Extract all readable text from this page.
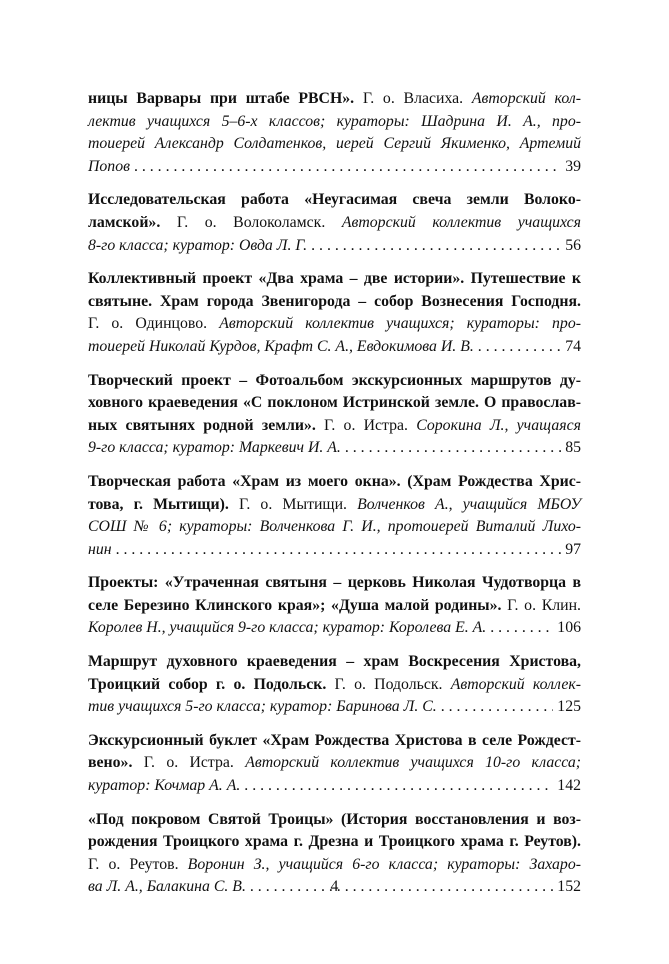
ницы Варвары при штабе РВСН». Г. о. Власиха. Авторский кол-
лектив учащихся 5–6-х классов; кураторы: Шадрина И. А., про-
тоиерей Александр Солдатенков, иерей Сергий Якименко, Артемий
Попов . . .	39
Исследовательская работа «Неугасимая свеча земли Волоко-
ламской». Г. о. Волоколамск. Авторский коллектив учащихся
8-го класса; куратор: Овда Л. Г. . . .	56
Коллективный проект «Два храма – две истории». Путешествие к
святыне. Храм города Звенигорода – собор Вознесения Господня.
Г. о. Одинцово. Авторский коллектив учащихся; кураторы: про-
тоиерей Николай Курдов, Крафт С. А., Евдокимова И. В. . . .	74
Творческий проект – Фотоальбом экскурсионных маршрутов ду-
ховного краеведения «С поклоном Истринской земле. О православ-
ных святынях родной земли». Г. о. Истра. Сорокина Л., учащаяся
9-го класса; куратор: Маркевич И. А. . . .	85
Творческая работа «Храм из моего окна». (Храм Рождества Хрис-
това, г. Мытищи). Г. о. Мытищи. Волченков А., учащийся МБОУ
СОШ № 6; кураторы: Волченкова Г. И., протоиерей Виталий Лихо-
нин . . .	97
Проекты: «Утраченная святыня – церковь Николая Чудотворца в
селе Березино Клинского края»; «Душа малой родины». Г. о. Клин.
Королев Н., учащийся 9-го класса; куратор: Королева Е. А. . . .	106
Маршрут духовного краеведения – храм Воскресения Христова,
Троицкий собор г. о. Подольск. Г. о. Подольск. Авторский коллек-
тив учащихся 5-го класса; куратор: Баринова Л. С. . . .	125
Экскурсионный буклет «Храм Рождества Христова в селе Рождест-
вено». Г. о. Истра. Авторский коллектив учащихся 10-го класса;
куратор: Кочмар А. А. . . .	142
«Под покровом Святой Троицы» (История восстановления и воз-
рождения Троицкого храма г. Дрезна и Троицкого храма г. Реутов).
Г. о. Реутов. Воронин З., учащийся 6-го класса; кураторы: Захаро-
ва Л. А., Балакина С. В. . . .	152
4
